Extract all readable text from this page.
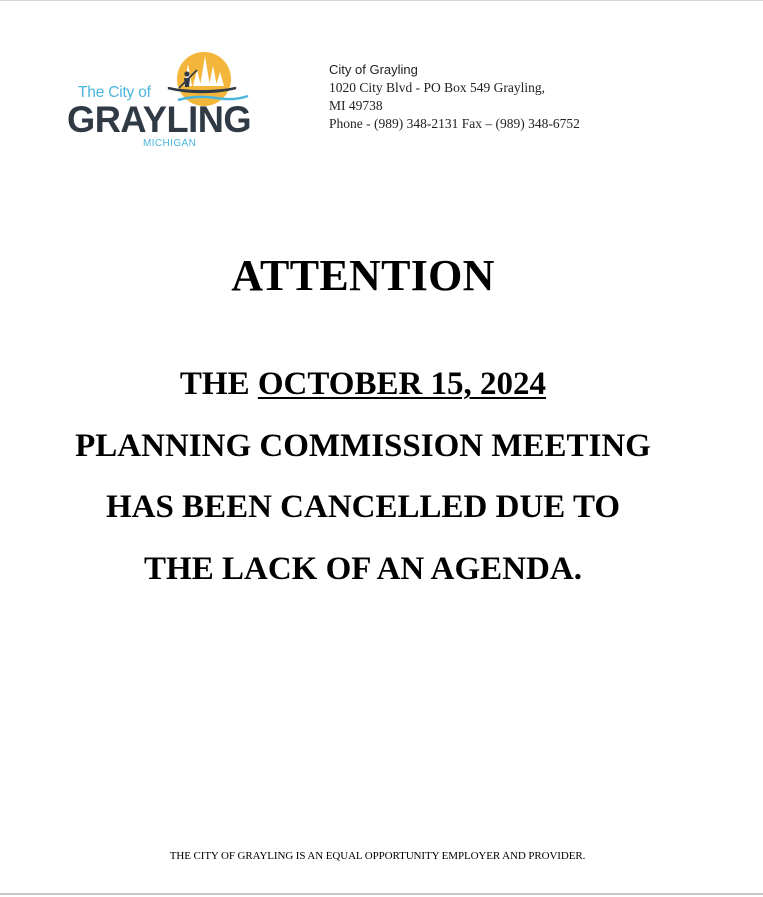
The City of
GRAYLING
MICHIGAN
City of Grayling
1020 City Blvd - PO Box 549 Grayling,
MI 49738
Phone - (989) 348-2131 Fax – (989) 348-6752
ATTENTION
THE OCTOBER 15, 2024
PLANNING COMMISSION MEETING
HAS BEEN CANCELLED DUE TO
THE LACK OF AN AGENDA.
THE CITY OF GRAYLING IS AN EQUAL OPPORTUNITY EMPLOYER AND PROVIDER.
